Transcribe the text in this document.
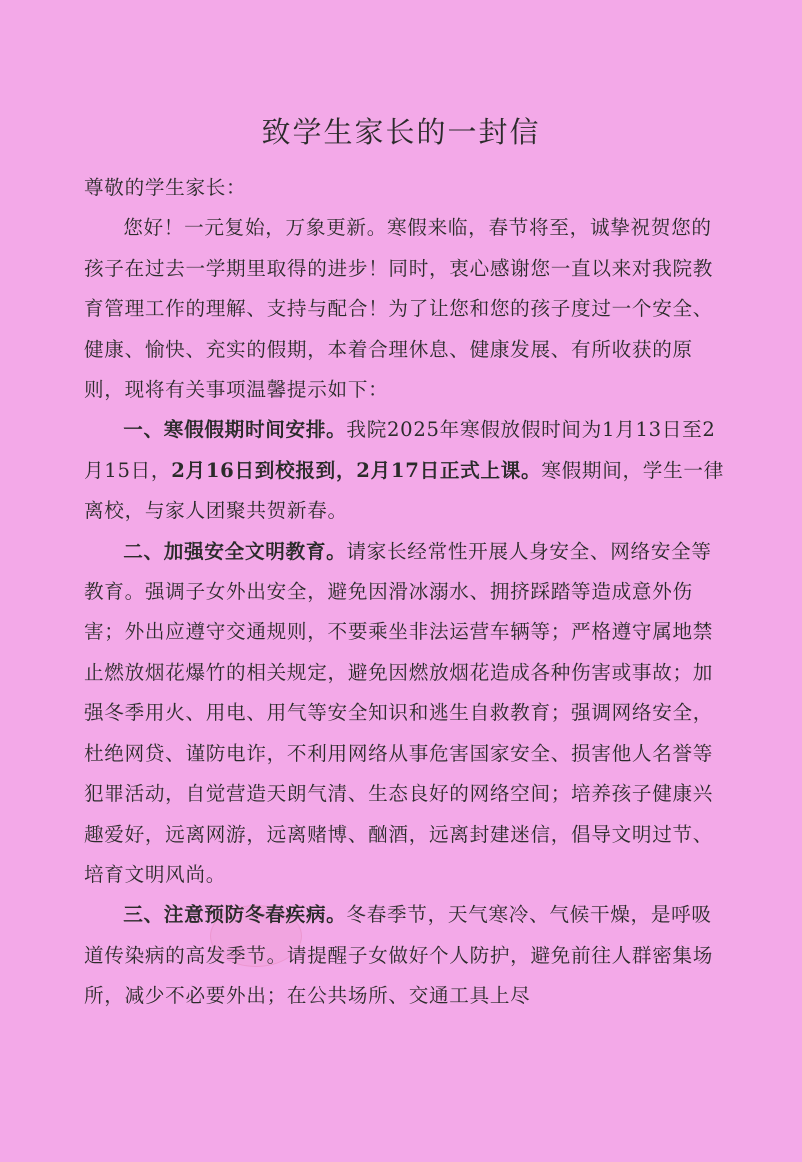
致学生家长的一封信

尊敬的学生家长：

您好！一元复始，万象更新。寒假来临，春节将至，诚挚祝贺您的孩子在过去一学期里取得的进步！同时，衷心感谢您一直以来对我院教育管理工作的理解、支持与配合！为了让您和您的孩子度过一个安全、健康、愉快、充实的假期，本着合理休息、健康发展、有所收获的原则，现将有关事项温馨提示如下：

一、寒假假期时间安排。我院2025年寒假放假时间为1月13日至2月15日，2月16日到校报到，2月17日正式上课。寒假期间，学生一律离校，与家人团聚共贺新春。

二、加强安全文明教育。请家长经常性开展人身安全、网络安全等教育。强调子女外出安全，避免因滑冰溺水、拥挤踩踏等造成意外伤害；外出应遵守交通规则，不要乘坐非法运营车辆等；严格遵守属地禁止燃放烟花爆竹的相关规定，避免因燃放烟花造成各种伤害或事故；加强冬季用火、用电、用气等安全知识和逃生自救教育；强调网络安全，杜绝网贷、谨防电诈，不利用网络从事危害国家安全、损害他人名誉等犯罪活动，自觉营造天朗气清、生态良好的网络空间；培养孩子健康兴趣爱好，远离网游，远离赌博、酗酒，远离封建迷信，倡导文明过节、培育文明风尚。

三、注意预防冬春疾病。冬春季节，天气寒冷、气候干燥，是呼吸道传染病的高发季节。请提醒子女做好个人防护，避免前往人群密集场所，减少不必要外出；在公共场所、交通工具上尽
